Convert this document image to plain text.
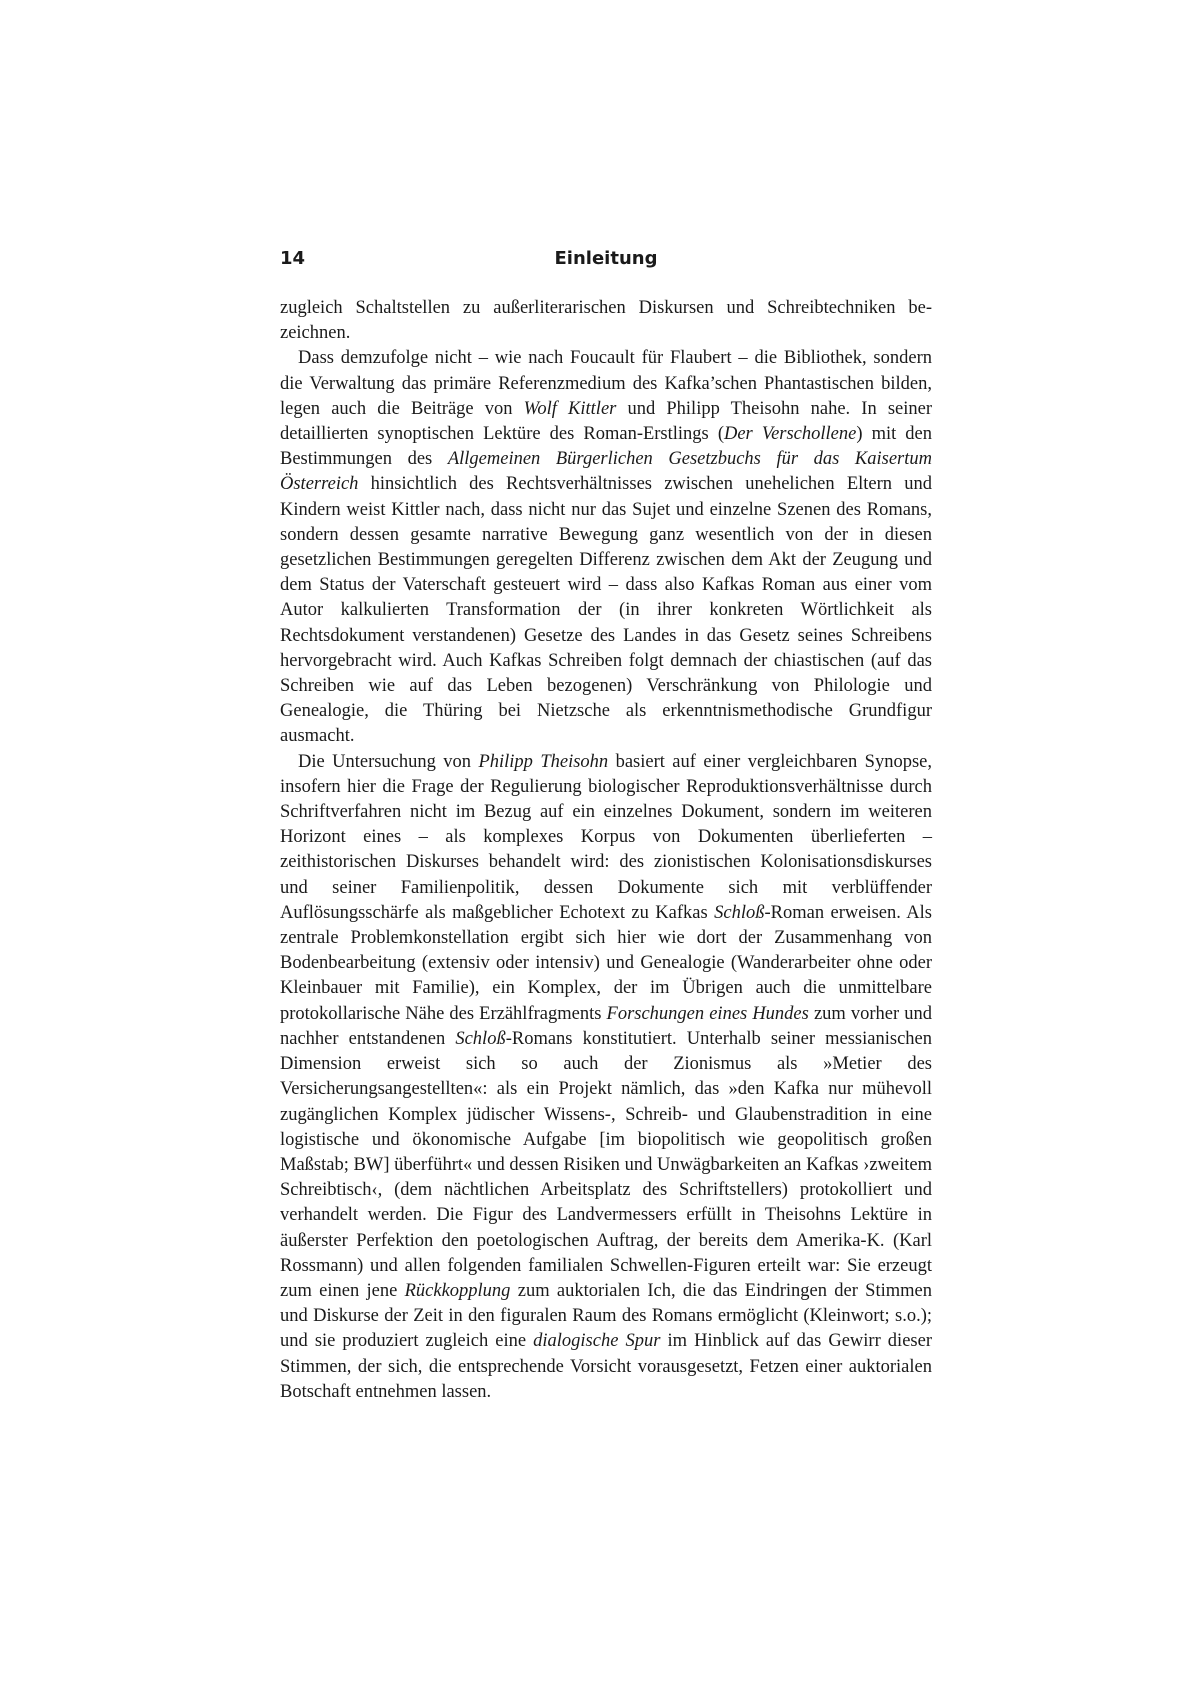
14	Einleitung

zugleich Schaltstellen zu außerliterarischen Diskursen und Schreibtechniken bezeichnen.

Dass demzufolge nicht – wie nach Foucault für Flaubert – die Bibliothek, sondern die Verwaltung das primäre Referenzmedium des Kafka’schen Phantastischen bilden, legen auch die Beiträge von Wolf Kittler und Philipp Theisohn nahe. In seiner detaillierten synoptischen Lektüre des Roman-Erstlings (Der Verschollene) mit den Bestimmungen des Allgemeinen Bürgerlichen Gesetzbuchs für das Kaisertum Österreich hinsichtlich des Rechtsverhältnisses zwischen unehelichen Eltern und Kindern weist Kittler nach, dass nicht nur das Sujet und einzelne Szenen des Romans, sondern dessen gesamte narrative Bewegung ganz wesentlich von der in diesen gesetzlichen Bestimmungen geregelten Differenz zwischen dem Akt der Zeugung und dem Status der Vaterschaft gesteuert wird – dass also Kafkas Roman aus einer vom Autor kalkulierten Transformation der (in ihrer konkreten Wörtlichkeit als Rechtsdokument verstandenen) Gesetze des Landes in das Gesetz seines Schreibens hervorgebracht wird. Auch Kafkas Schreiben folgt demnach der chiastischen (auf das Schreiben wie auf das Leben bezogenen) Verschränkung von Philologie und Genealogie, die Thüring bei Nietzsche als erkenntnismethodische Grundfigur ausmacht.

Die Untersuchung von Philipp Theisohn basiert auf einer vergleichbaren Synopse, insofern hier die Frage der Regulierung biologischer Reproduktionsverhältnisse durch Schriftverfahren nicht im Bezug auf ein einzelnes Dokument, sondern im weiteren Horizont eines – als komplexes Korpus von Dokumenten überlieferten – zeithistorischen Diskurses behandelt wird: des zionistischen Kolonisationsdiskurses und seiner Familienpolitik, dessen Dokumente sich mit verblüffender Auflösungsschärfe als maßgeblicher Echotext zu Kafkas Schloß-Roman erweisen. Als zentrale Problemkonstellation ergibt sich hier wie dort der Zusammenhang von Bodenbearbeitung (extensiv oder intensiv) und Genealogie (Wanderarbeiter ohne oder Kleinbauer mit Familie), ein Komplex, der im Übrigen auch die unmittelbare protokollarische Nähe des Erzählfragments Forschungen eines Hundes zum vorher und nachher entstandenen Schloß-Romans konstitutiert. Unterhalb seiner messianischen Dimension erweist sich so auch der Zionismus als »Metier des Versicherungsangestellten«: als ein Projekt nämlich, das »den Kafka nur mühevoll zugänglichen Komplex jüdischer Wissens-, Schreib- und Glaubenstradition in eine logistische und ökonomische Aufgabe [im biopolitisch wie geopolitisch großen Maßstab; BW] überführt« und dessen Risiken und Unwägbarkeiten an Kafkas ›zweitem Schreibtisch‹, (dem nächtlichen Arbeitsplatz des Schriftstellers) protokolliert und verhandelt werden. Die Figur des Landvermessers erfüllt in Theisohns Lektüre in äußerster Perfektion den poetologischen Auftrag, der bereits dem Amerika-K. (Karl Rossmann) und allen folgenden familialen Schwellen-Figuren erteilt war: Sie erzeugt zum einen jene Rückkopplung zum auktorialen Ich, die das Eindringen der Stimmen und Diskurse der Zeit in den figuralen Raum des Romans ermöglicht (Kleinwort; s.o.); und sie produziert zugleich eine dialogische Spur im Hinblick auf das Gewirr dieser Stimmen, der sich, die entsprechende Vorsicht vorausgesetzt, Fetzen einer auktorialen Botschaft entnehmen lassen.
